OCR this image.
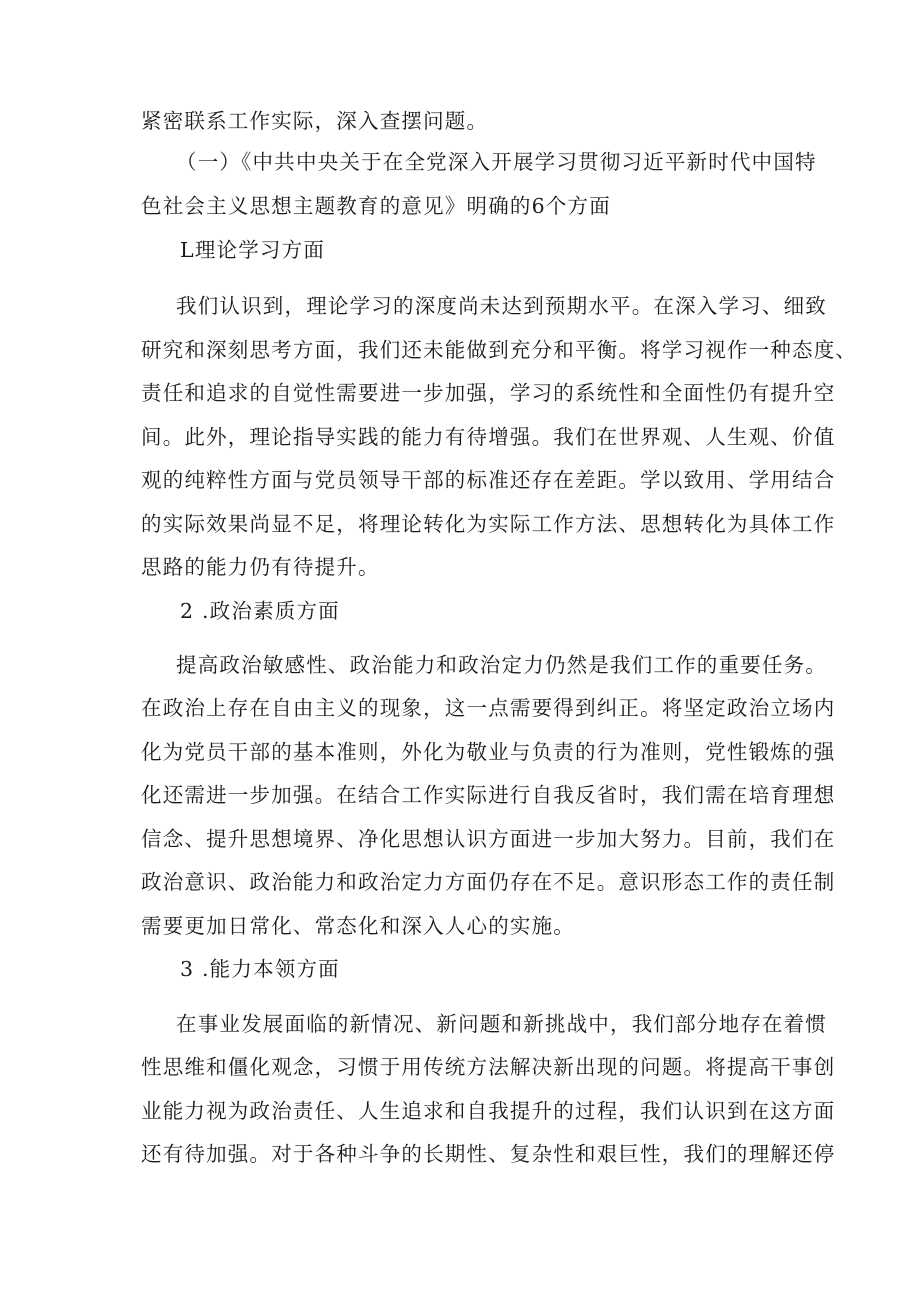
紧密联系工作实际，深入查摆问题。
（一）《中共中央关于在全党深入开展学习贯彻习近平新时代中国特
色社会主义思想主题教育的意见》明确的6个方面
L理论学习方面
我们认识到，理论学习的深度尚未达到预期水平。在深入学习、细致
研究和深刻思考方面，我们还未能做到充分和平衡。将学习视作一种态度、
责任和追求的自觉性需要进一步加强，学习的系统性和全面性仍有提升空
间。此外，理论指导实践的能力有待增强。我们在世界观、人生观、价值
观的纯粹性方面与党员领导干部的标准还存在差距。学以致用、学用结合
的实际效果尚显不足，将理论转化为实际工作方法、思想转化为具体工作
思路的能力仍有待提升。
2 .政治素质方面
提高政治敏感性、政治能力和政治定力仍然是我们工作的重要任务。
在政治上存在自由主义的现象，这一点需要得到纠正。将坚定政治立场内
化为党员干部的基本准则，外化为敬业与负责的行为准则，党性锻炼的强
化还需进一步加强。在结合工作实际进行自我反省时，我们需在培育理想
信念、提升思想境界、净化思想认识方面进一步加大努力。目前，我们在
政治意识、政治能力和政治定力方面仍存在不足。意识形态工作的责任制
需要更加日常化、常态化和深入人心的实施。
3 .能力本领方面
在事业发展面临的新情况、新问题和新挑战中，我们部分地存在着惯
性思维和僵化观念，习惯于用传统方法解决新出现的问题。将提高干事创
业能力视为政治责任、人生追求和自我提升的过程，我们认识到在这方面
还有待加强。对于各种斗争的长期性、复杂性和艰巨性，我们的理解还停
